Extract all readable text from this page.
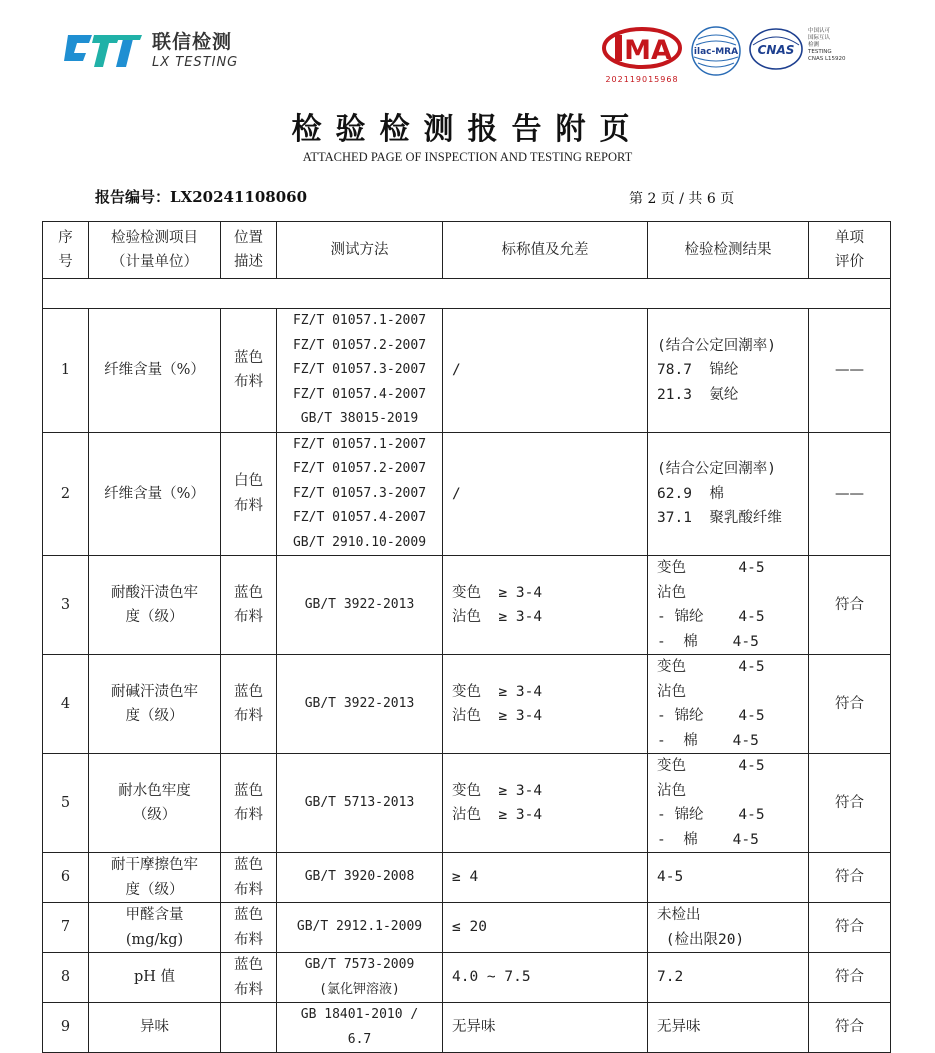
联信检测
LX TESTING	MA
202119015968
ilac-MRA CNAS
中国认可
国际互认
检测
TESTING
CNAS L15920
检验检测报告附页
ATTACHED PAGE OF INSPECTION AND TESTING REPORT
报告编号：LX20241108060	第 2 页 / 共 6 页
序
号	检验检测项目
（计量单位）	位置
描述	测试方法	标称值及允差	检验检测结果	单项
评价

1	纤维含量（%）	蓝色
布料	FZ/T 01057.1-2007
FZ/T 01057.2-2007
FZ/T 01057.3-2007
FZ/T 01057.4-2007
GB/T 38015-2019	/	(结合公定回潮率)
78.7  锦纶
21.3  氨纶	——
2	纤维含量（%）	白色
布料	FZ/T 01057.1-2007
FZ/T 01057.2-2007
FZ/T 01057.3-2007
FZ/T 01057.4-2007
GB/T 2910.10-2009	/	(结合公定回潮率)
62.9  棉
37.1  聚乳酸纤维	——
3	耐酸汗渍色牢
度（级）	蓝色
布料	GB/T 3922-2013	变色  ≥ 3-4
沾色  ≥ 3-4	变色      4-5
沾色
- 锦纶    4-5
-  棉    4-5	符合
4	耐碱汗渍色牢
度（级）	蓝色
布料	GB/T 3922-2013	变色  ≥ 3-4
沾色  ≥ 3-4	变色      4-5
沾色
- 锦纶    4-5
-  棉    4-5	符合
5	耐水色牢度
（级）	蓝色
布料	GB/T 5713-2013	变色  ≥ 3-4
沾色  ≥ 3-4	变色      4-5
沾色
- 锦纶    4-5
-  棉    4-5	符合
6	耐干摩擦色牢
度（级）	蓝色
布料	GB/T 3920-2008	≥ 4	4-5	符合
7	甲醛含量
(mg/kg)	蓝色
布料	GB/T 2912.1-2009	≤ 20	未检出
(检出限20)	符合
8	pH 值	蓝色
布料	GB/T 7573-2009
(氯化钾溶液)	4.0 ~ 7.5	7.2	符合
9	异味		GB 18401-2010 /
6.7	无异味	无异味	符合
